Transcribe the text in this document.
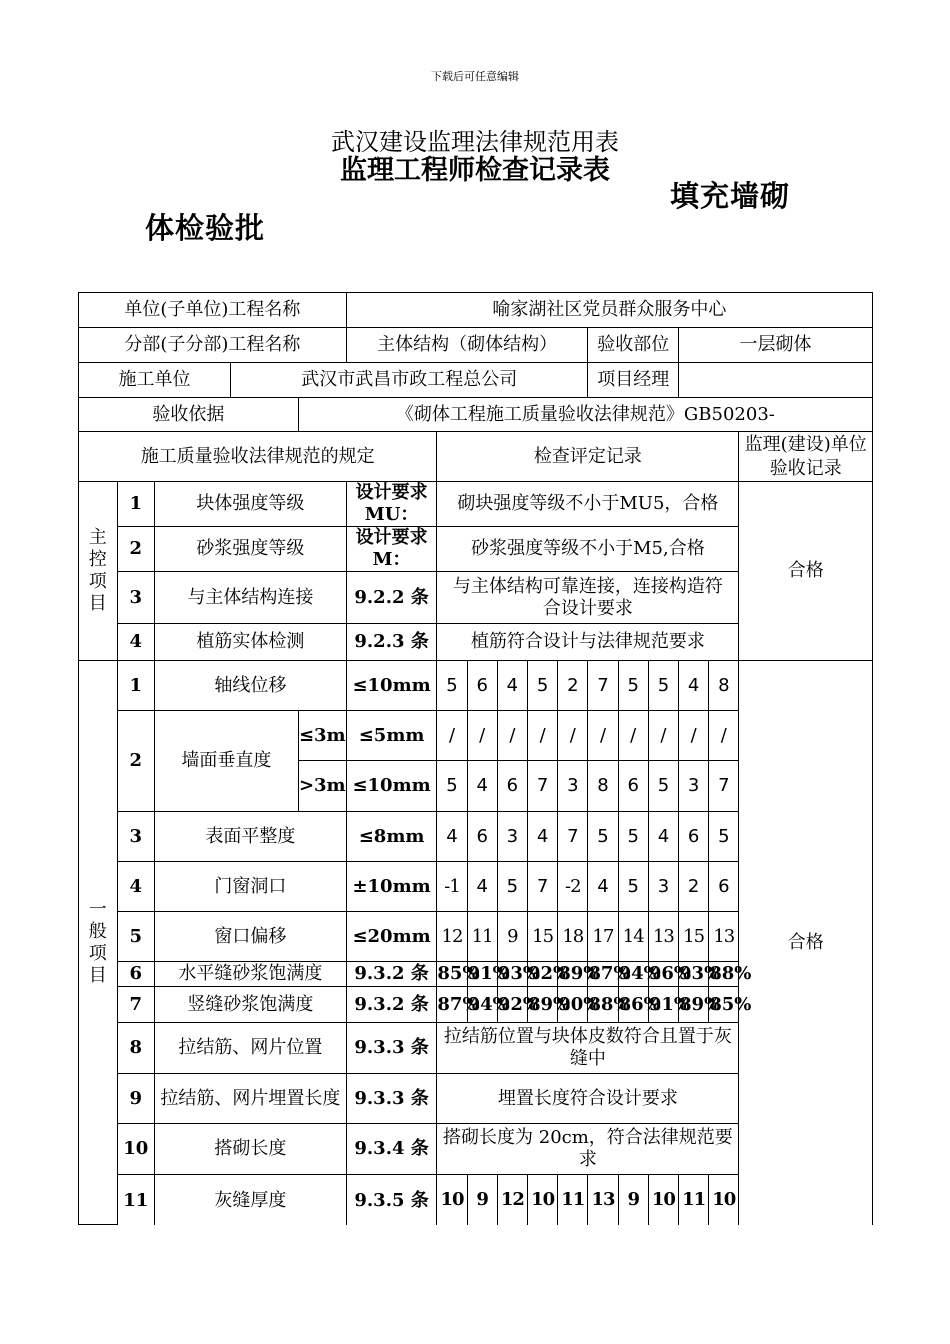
下载后可任意编辑
武汉建设监理法律规范用表
监理工程师检查记录表
填充墙砌
体检验批
单位(子单位)工程名称					喻家湖社区党员群众服务中心											
分部(子分部)工程名称					主体结构（砌体结构）						验收部位			一层砌体		
施工单位			武汉市武昌市政工程总公司								项目经理					
验收依据				《砌体工程施工质量验收法律规范》GB50203-												
施工质量验收法律规范的规定						检查评定记录										监理(建设)单位
验收记录
主控项目	1	块体强度等级			设计要求 MU：	砌块强度等级不小于MU5，合格										合格
	2	砂浆强度等级			设计要求 M：	砂浆强度等级不小于M5,合格										
	3	与主体结构连接			9.2.2 条	与主体结构可靠连接，连接构造符合设计要求										
	4	植筋实体检测			9.2.3 条	植筋符合设计与法律规范要求										
一般项目	1	轴线位移			≤10mm	5	6	4	5	2	7	5	5	4	8	合格
	2	墙面垂直度		≤3m	≤5mm	/	/	/	/	/	/	/	/	/	/	
				>3m	≤10mm	5	4	6	7	3	8	6	5	3	7	
	3	表面平整度			≤8mm	4	6	3	4	7	5	5	4	6	5	
	4	门窗洞口			±10mm	-1	4	5	7	-2	4	5	3	2	6	
	5	窗口偏移			≤20mm	12	11	9	15	18	17	14	13	15	13	
	6	水平缝砂浆饱满度			9.3.2 条	85%	91%	93%	92%	89%	87%	94%	96%	93%	88%	
	7	竖缝砂浆饱满度			9.3.2 条	87%	94%	92%	89%	90%	88%	86%	91%	89%	85%	
	8	拉结筋、网片位置			9.3.3 条	拉结筋位置与块体皮数符合且置于灰缝中										
	9	拉结筋、网片埋置长度			9.3.3 条	埋置长度符合设计要求										
	10	搭砌长度			9.3.4 条	搭砌长度为 20cm，符合法律规范要求										
	11	灰缝厚度			9.3.5 条	10	9	12	10	11	13	9	10	11	10	
